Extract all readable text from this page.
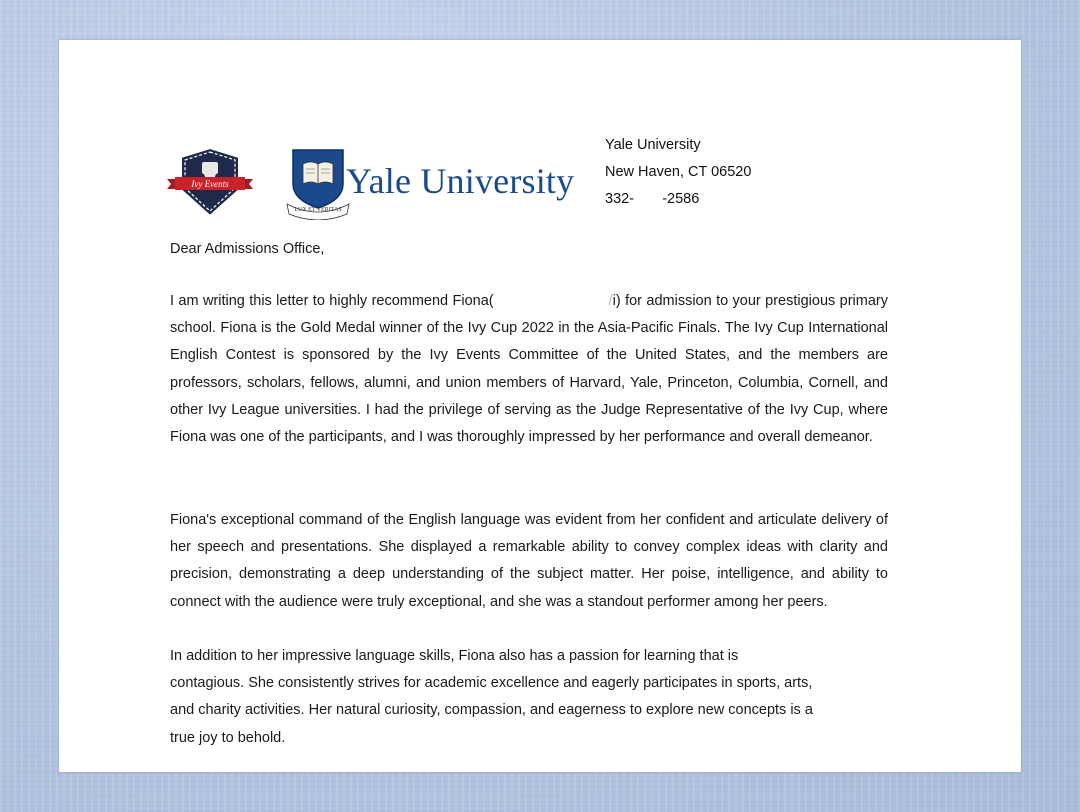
Ivy Events
LUX ET VERITAS
Yale University
Yale University
New Haven, CT 06520
332-       -2586
Dear Admissions Office,
I am writing this letter to highly recommend Fiona(	/i) for admission to your prestigious primary school. Fiona is the Gold Medal winner of the Ivy Cup 2022 in the Asia-Pacific Finals. The Ivy Cup International English Contest is sponsored by the Ivy Events Committee of the United States, and the members are professors, scholars, fellows, alumni, and union members of Harvard, Yale, Princeton, Columbia, Cornell, and other Ivy League universities. I had the privilege of serving as the Judge Representative of the Ivy Cup, where Fiona was one of the participants, and I was thoroughly impressed by her performance and overall demeanor.
Fiona's exceptional command of the English language was evident from her confident and articulate delivery of her speech and presentations. She displayed a remarkable ability to convey complex ideas with clarity and precision, demonstrating a deep understanding of the subject matter. Her poise, intelligence, and ability to connect with the audience were truly exceptional, and she was a standout performer among her peers.
In addition to her impressive language skills, Fiona also has a passion for learning that is
contagious. She consistently strives for academic excellence and eagerly participates in sports, arts,
and charity activities. Her natural curiosity, compassion, and eagerness to explore new concepts is a
true joy to behold.
